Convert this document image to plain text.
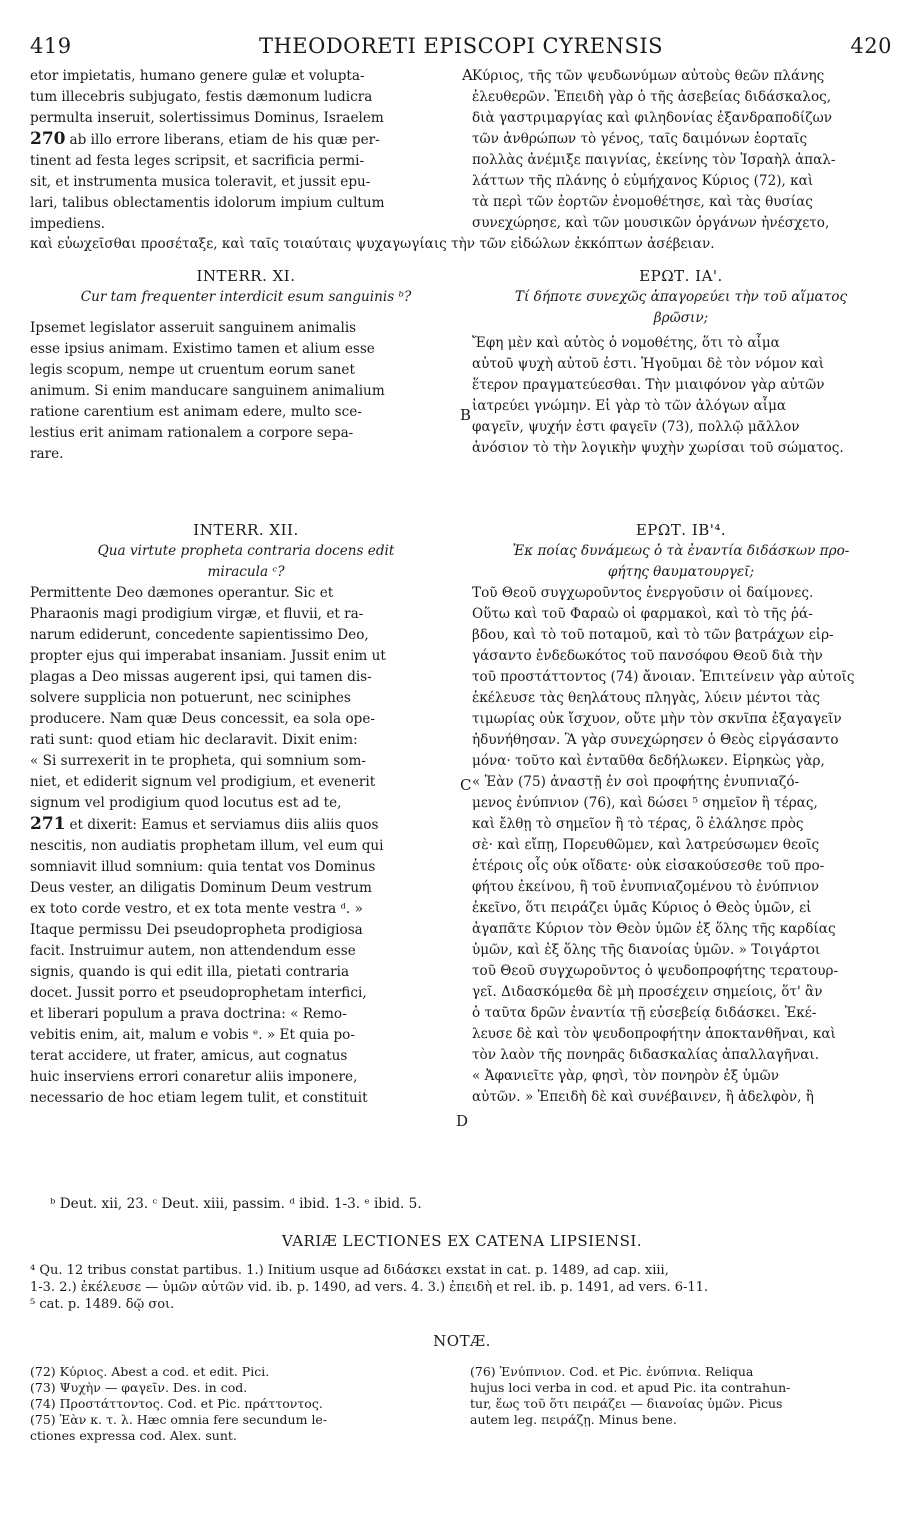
419	THEODORETI EPISCOPI CYRENSIS	420
etor impietatis, humano genere gulæ et volupta-
tum illecebris subjugato, festis dæmonum ludicra
permulta inseruit, solertissimus Dominus, Israelem
270 ab illo errore liberans, etiam de his quæ per-
tinent ad festa leges scripsit, et sacrificia permi-
sit, et instrumenta musica toleravit, et jussit epu-
lari, talibus oblectamentis idolorum impium cultum
impediens.
A Κύριος, τῆς τῶν ψευδωνύμων αὐτοὺς θεῶν πλάνης
ἐλευθερῶν. Ἐπειδὴ γὰρ ὁ τῆς ἀσεβείας διδάσκαλος,
διὰ γαστριμαργίας καὶ φιληδονίας ἐξανδραποδίζων
τῶν ἀνθρώπων τὸ γένος, ταῖς δαιμόνων ἑορταῖς
πολλὰς ἀνέμιξε παιγνίας, ἐκείνης τὸν Ἰσραὴλ ἀπαλ-
λάττων τῆς πλάνης ὁ εὐμήχανος Κύριος (72), καὶ
τὰ περὶ τῶν ἑορτῶν ἐνομοθέτησε, καὶ τὰς θυσίας
συνεχώρησε, καὶ τῶν μουσικῶν ὀργάνων ἠνέσχετο,
καὶ εὐωχεῖσθαι προσέταξε, καὶ ταῖς τοιαύταις ψυχαγωγίαις τὴν τῶν εἰδώλων ἐκκόπτων ἀσέβειαν.
INTERR. XI.
Cur tam frequenter interdicit esum sanguinis ᵇ?
Ipsemet legislator asseruit sanguinem animalis
esse ipsius animam. Existimo tamen et alium esse
legis scopum, nempe ut cruentum eorum sanet
animum. Si enim manducare sanguinem animalium
ratione carentium est animam edere, multo sce-
lestius erit animam rationalem a corpore sepa-
rare.
B
ΕΡΩΤ. ΙΑ'.
Τί δήποτε συνεχῶς ἀπαγορεύει τὴν τοῦ αἵματος
βρῶσιν;
Ἔφη μὲν καὶ αὐτὸς ὁ νομοθέτης, ὅτι τὸ αἷμα
αὐτοῦ ψυχὴ αὐτοῦ ἐστι. Ἡγοῦμαι δὲ τὸν νόμον καὶ
ἕτερον πραγματεύεσθαι. Τὴν μιαιφόνον γὰρ αὐτῶν
ἰατρεύει γνώμην. Εἰ γὰρ τὸ τῶν ἀλόγων αἷμα
φαγεῖν, ψυχήν ἐστι φαγεῖν (73), πολλῷ μᾶλλον
ἀνόσιον τὸ τὴν λογικὴν ψυχὴν χωρίσαι τοῦ σώματος.
INTERR. XII.
Qua virtute propheta contraria docens edit
miracula ᶜ?
Permittente Deo dæmones operantur. Sic et
Pharaonis magi prodigium virgæ, et fluvii, et ra-
narum ediderunt, concedente sapientissimo Deo,
propter ejus qui imperabat insaniam. Jussit enim ut
plagas a Deo missas augerent ipsi, qui tamen dis-
solvere supplicia non potuerunt, nec sciniphes
producere. Nam quæ Deus concessit, ea sola ope-
rati sunt: quod etiam hic declaravit. Dixit enim:
« Si surrexerit in te propheta, qui somnium som-
niet, et ediderit signum vel prodigium, et evenerit
signum vel prodigium quod locutus est ad te,
271 et dixerit: Eamus et serviamus diis aliis quos
nescitis, non audiatis prophetam illum, vel eum qui
somniavit illud somnium: quia tentat vos Dominus
Deus vester, an diligatis Dominum Deum vestrum
ex toto corde vestro, et ex tota mente vestra ᵈ. »
Itaque permissu Dei pseudopropheta prodigiosa
facit. Instruimur autem, non attendendum esse
signis, quando is qui edit illa, pietati contraria
docet. Jussit porro et pseudoprophetam interfici,
et liberari populum a prava doctrina: « Remo-
vebitis enim, ait, malum e vobis ᵉ. » Et quia po-
terat accidere, ut frater, amicus, aut cognatus
huic inserviens errori conaretur aliis imponere,
necessario de hoc etiam legem tulit, et constituit
C
D
ΕΡΩΤ. ΙΒ'⁴.
Ἐκ ποίας δυνάμεως ὁ τὰ ἐναντία διδάσκων προ-
φήτης θαυματουργεῖ;
Τοῦ Θεοῦ συγχωροῦντος ἐνεργοῦσιν οἱ δαίμονες.
Οὕτω καὶ τοῦ Φαραὼ οἱ φαρμακοὶ, καὶ τὸ τῆς ῥά-
βδου, καὶ τὸ τοῦ ποταμοῦ, καὶ τὸ τῶν βατράχων εἰρ-
γάσαντο ἐνδεδωκότος τοῦ πανσόφου Θεοῦ διὰ τὴν
τοῦ προστάττοντος (74) ἄνοιαν. Ἐπιτείνειν γὰρ αὐτοῖς
ἐκέλευσε τὰς θεηλάτους πληγὰς, λύειν μέντοι τὰς
τιμωρίας οὐκ ἴσχυον, οὔτε μὴν τὸν σκνῖπα ἐξαγαγεῖν
ἠδυνήθησαν. Ἃ γὰρ συνεχώρησεν ὁ Θεὸς εἰργάσαντο
μόνα· τοῦτο καὶ ἐνταῦθα δεδήλωκεν. Εἰρηκὼς γὰρ,
« Ἐὰν (75) ἀναστῇ ἐν σοὶ προφήτης ἐνυπνιαζό-
μενος ἐνύπνιον (76), καὶ δώσει ⁵ σημεῖον ἢ τέρας,
καὶ ἔλθῃ τὸ σημεῖον ἢ τὸ τέρας, ὃ ἐλάλησε πρὸς
σὲ· καὶ εἴπῃ, Πορευθῶμεν, καὶ λατρεύσωμεν θεοῖς
ἑτέροις οἷς οὐκ οἴδατε· οὐκ εἰσακούσεσθε τοῦ προ-
φήτου ἐκείνου, ἢ τοῦ ἐνυπνιαζομένου τὸ ἐνύπνιον
ἐκεῖνο, ὅτι πειράζει ὑμᾶς Κύριος ὁ Θεὸς ὑμῶν, εἰ
ἀγαπᾶτε Κύριον τὸν Θεὸν ὑμῶν ἐξ ὅλης τῆς καρδίας
ὑμῶν, καὶ ἐξ ὅλης τῆς διανοίας ὑμῶν. » Τοιγάρτοι
τοῦ Θεοῦ συγχωροῦντος ὁ ψευδοπροφήτης τερατουρ-
γεῖ. Διδασκόμεθα δὲ μὴ προσέχειν σημείοις, ὅτ' ἂν
ὁ ταῦτα δρῶν ἐναντία τῇ εὐσεβείᾳ διδάσκει. Ἐκέ-
λευσε δὲ καὶ τὸν ψευδοπροφήτην ἀποκτανθῆναι, καὶ
τὸν λαὸν τῆς πονηρᾶς διδασκαλίας ἀπαλλαγῆναι.
« Ἀφανιεῖτε γὰρ, φησὶ, τὸν πονηρὸν ἐξ ὑμῶν
αὐτῶν. » Ἐπειδὴ δὲ καὶ συνέβαινεν, ἢ ἀδελφὸν, ἢ
ᵇ Deut. xii, 23. ᶜ Deut. xiii, passim. ᵈ ibid. 1-3. ᵉ ibid. 5.
VARIÆ LECTIONES EX CATENA LIPSIENSI.
⁴ Qu. 12 tribus constat partibus. 1.) Initium usque ad διδάσκει exstat in cat. p. 1489, ad cap. xiii,
1-3. 2.) ἐκέλευσε — ὑμῶν αὐτῶν vid. ib. p. 1490, ad vers. 4. 3.) ἐπειδὴ et rel. ib. p. 1491, ad vers. 6-11.
⁵ cat. p. 1489. δῷ σοι.
NOTÆ.
(72) Κύριος. Abest a cod. et edit. Pici.
(73) Ψυχὴν — φαγεῖν. Des. in cod.
(74) Προστάττοντος. Cod. et Pic. πράττοντος.
(75) Ἐὰν κ. τ. λ. Hæc omnia fere secundum le-
ctiones expressa cod. Alex. sunt.
(76) Ἐνύπνιον. Cod. et Pic. ἐνύπνια. Reliqua
hujus loci verba in cod. et apud Pic. ita contrahun-
tur, ἕως τοῦ ὅτι πειράζει — διανοίας ὑμῶν. Picus
autem leg. πειράζῃ. Minus bene.
